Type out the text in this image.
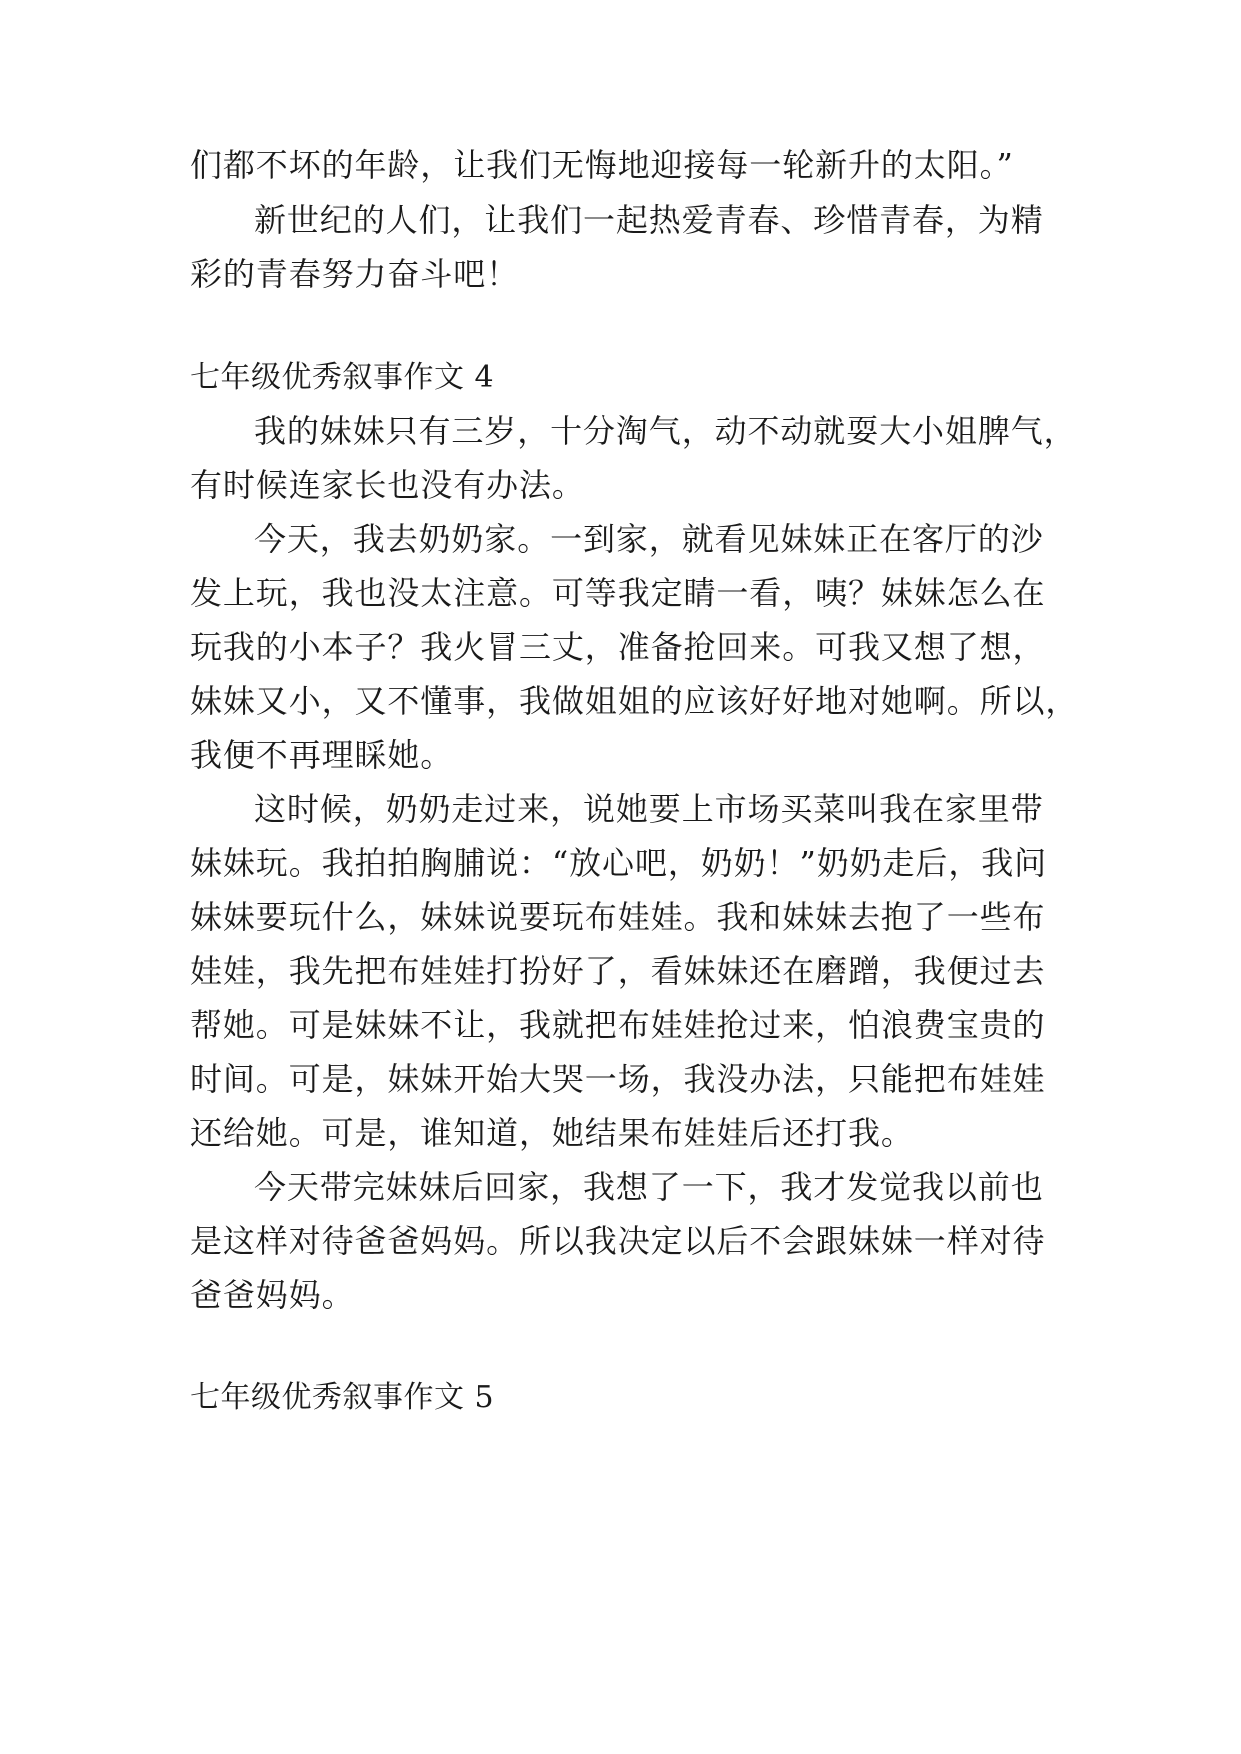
们都不坏的年龄，让我们无悔地迎接每一轮新升的太阳。”
新世纪的人们，让我们一起热爱青春、珍惜青春，为精
彩的青春努力奋斗吧！
七年级优秀叙事作文 4
我的妹妹只有三岁，十分淘气，动不动就耍大小姐脾气，
有时候连家长也没有办法。
今天，我去奶奶家。一到家，就看见妹妹正在客厅的沙
发上玩，我也没太注意。可等我定睛一看，咦？妹妹怎么在
玩我的小本子？我火冒三丈，准备抢回来。可我又想了想，
妹妹又小，又不懂事，我做姐姐的应该好好地对她啊。所以，
我便不再理睬她。
这时候，奶奶走过来，说她要上市场买菜叫我在家里带
妹妹玩。我拍拍胸脯说：“放心吧，奶奶！”奶奶走后，我问
妹妹要玩什么，妹妹说要玩布娃娃。我和妹妹去抱了一些布
娃娃，我先把布娃娃打扮好了，看妹妹还在磨蹭，我便过去
帮她。可是妹妹不让，我就把布娃娃抢过来，怕浪费宝贵的
时间。可是，妹妹开始大哭一场，我没办法，只能把布娃娃
还给她。可是，谁知道，她结果布娃娃后还打我。
今天带完妹妹后回家，我想了一下，我才发觉我以前也
是这样对待爸爸妈妈。所以我决定以后不会跟妹妹一样对待
爸爸妈妈。
七年级优秀叙事作文 5
